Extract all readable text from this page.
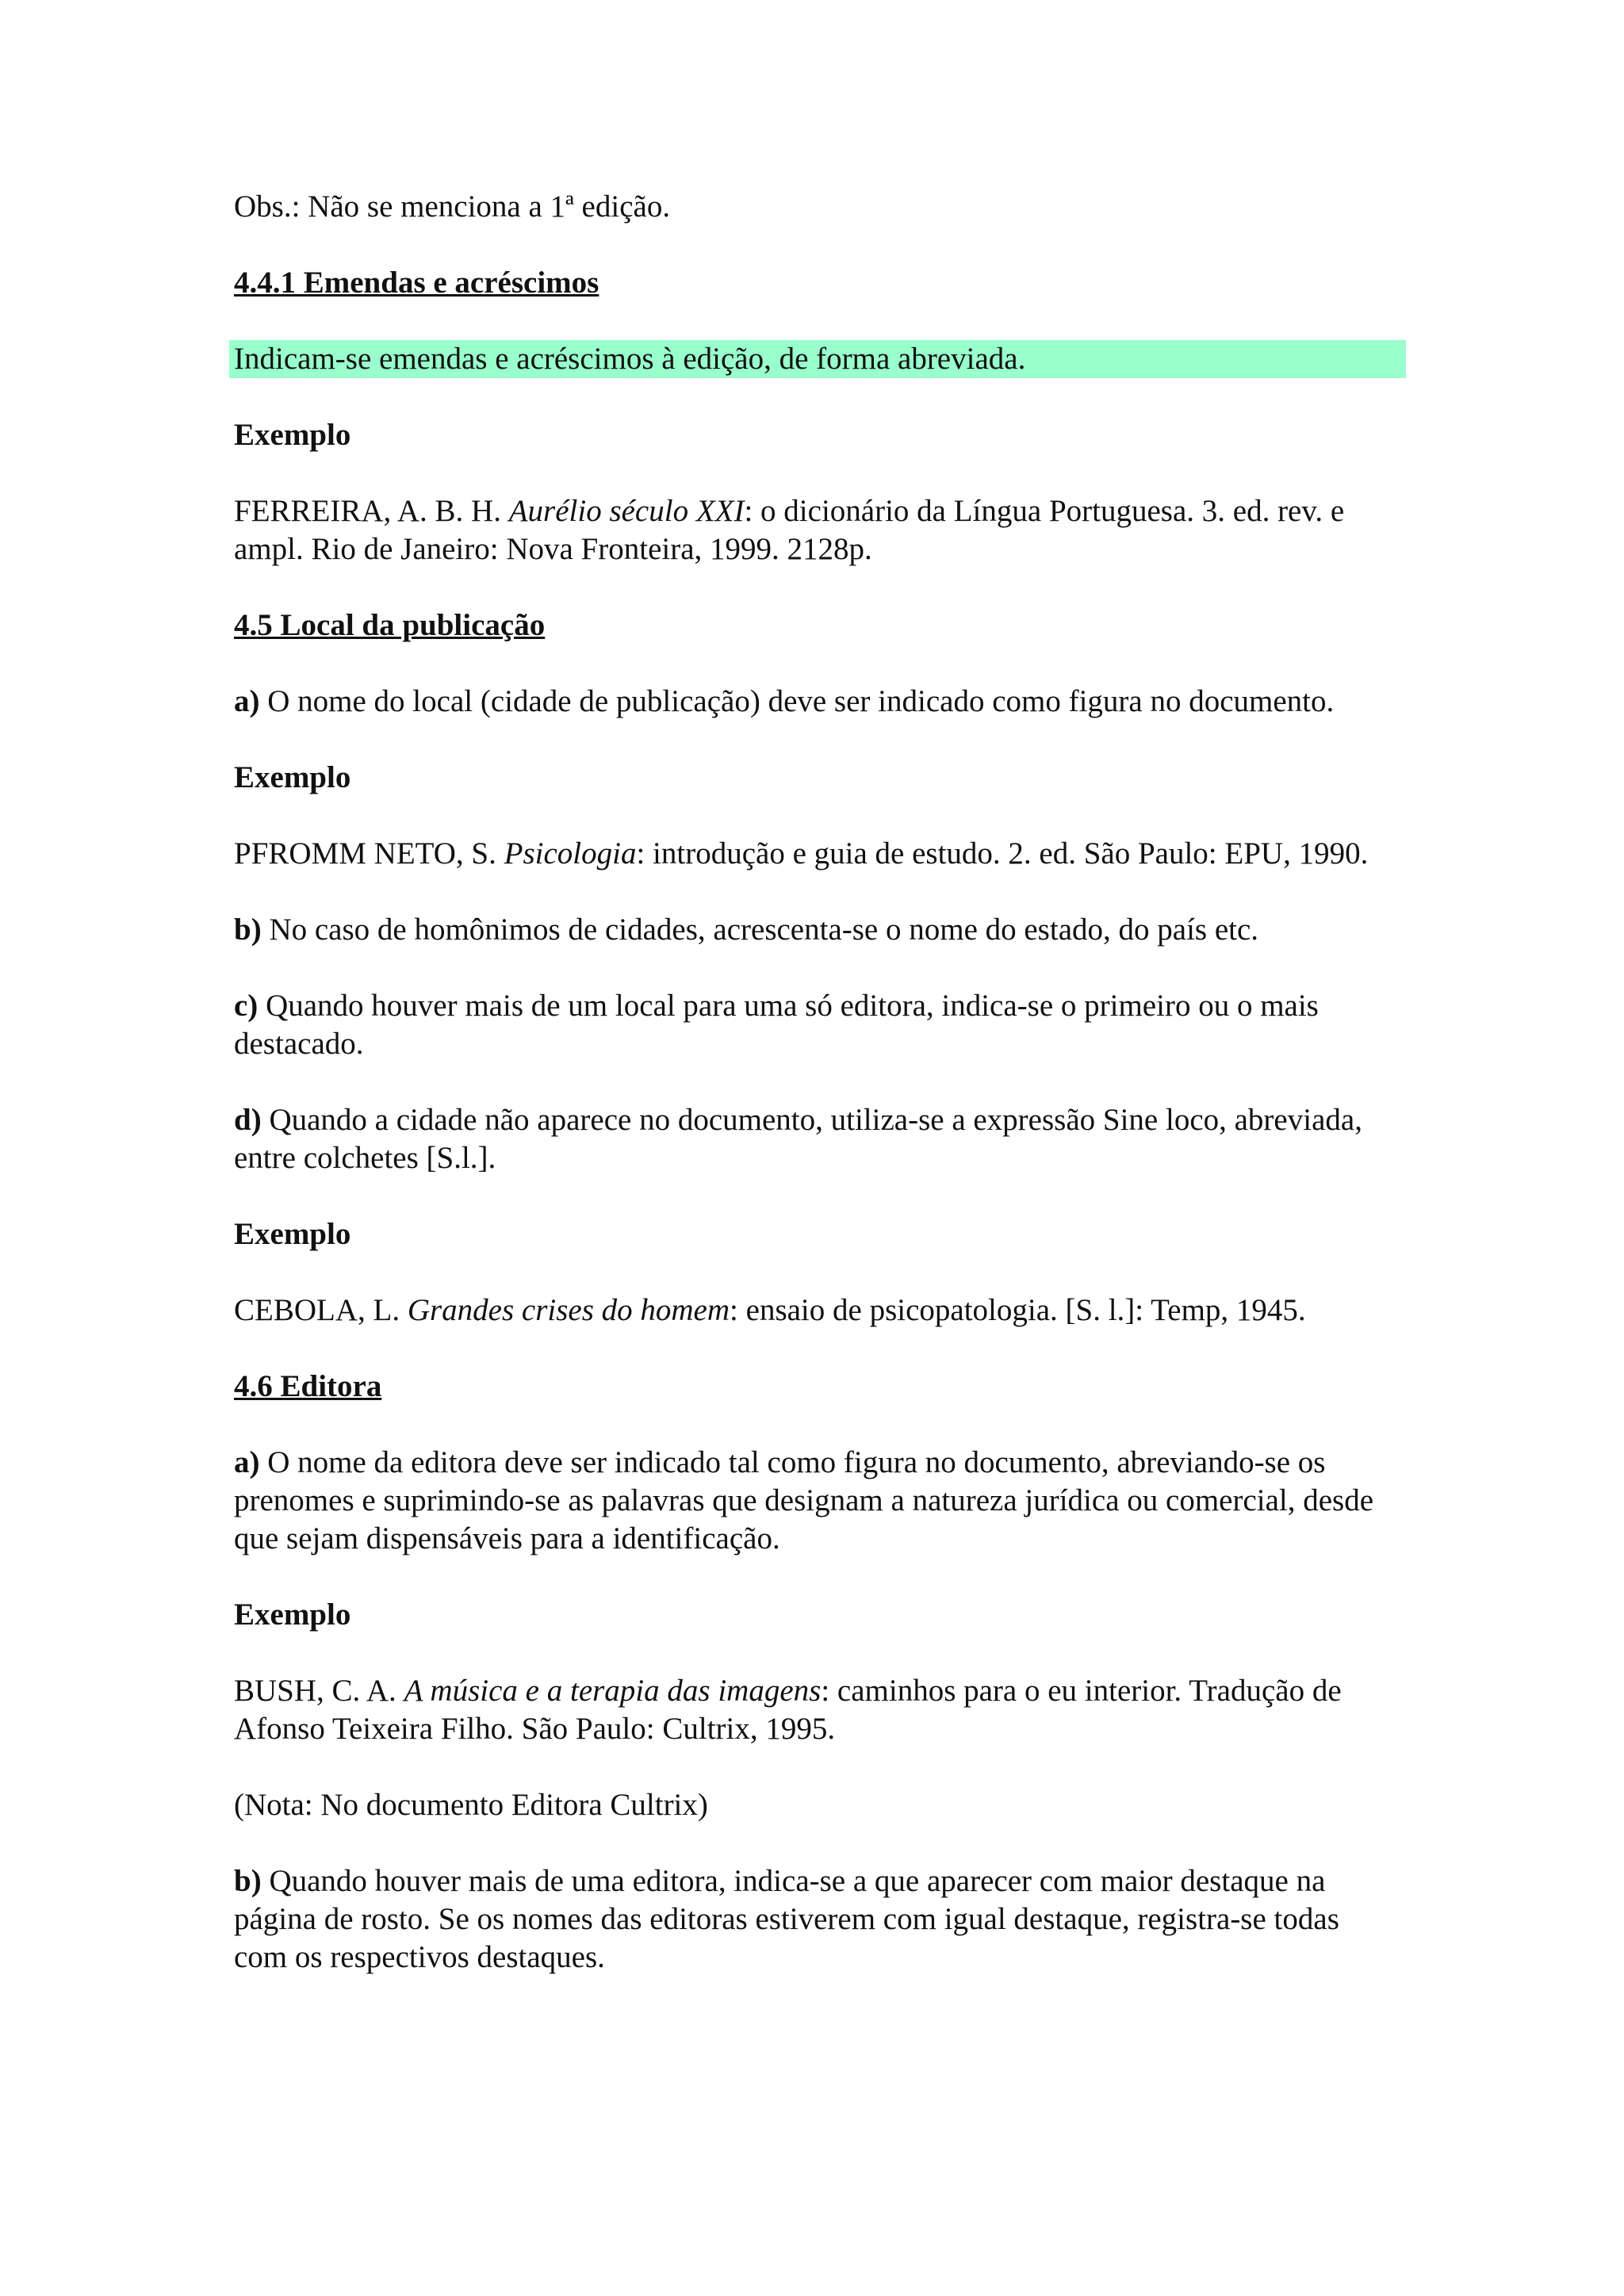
Obs.: Não se menciona a 1ª edição.

4.4.1 Emendas e acréscimos

Indicam-se emendas e acréscimos à edição, de forma abreviada.

Exemplo

FERREIRA, A. B. H. Aurélio século XXI: o dicionário da Língua Portuguesa. 3. ed. rev. e ampl. Rio de Janeiro: Nova Fronteira, 1999. 2128p.

4.5 Local da publicação

a) O nome do local (cidade de publicação) deve ser indicado como figura no documento.

Exemplo

PFROMM NETO, S. Psicologia: introdução e guia de estudo. 2. ed. São Paulo: EPU, 1990.

b) No caso de homônimos de cidades, acrescenta-se o nome do estado, do país etc.

c) Quando houver mais de um local para uma só editora, indica-se o primeiro ou o mais destacado.

d) Quando a cidade não aparece no documento, utiliza-se a expressão Sine loco, abreviada, entre colchetes [S.l.].

Exemplo

CEBOLA, L. Grandes crises do homem: ensaio de psicopatologia. [S. l.]: Temp, 1945.

4.6 Editora

a) O nome da editora deve ser indicado tal como figura no documento, abreviando-se os prenomes e suprimindo-se as palavras que designam a natureza jurídica ou comercial, desde que sejam dispensáveis para a identificação.

Exemplo

BUSH, C. A. A música e a terapia das imagens: caminhos para o eu interior. Tradução de Afonso Teixeira Filho. São Paulo: Cultrix, 1995.

(Nota: No documento Editora Cultrix)

b) Quando houver mais de uma editora, indica-se a que aparecer com maior destaque na página de rosto. Se os nomes das editoras estiverem com igual destaque, registra-se todas com os respectivos destaques.
